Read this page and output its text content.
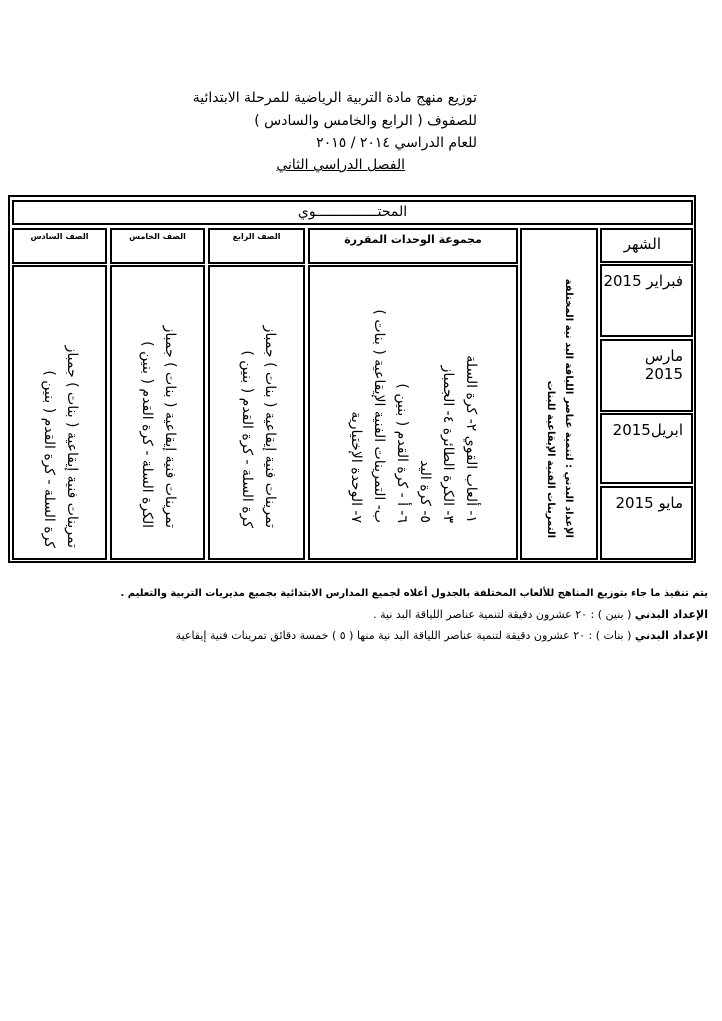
توزيع منهج مادة التربية الرياضية للمرحلة الابتدائية
للصفوف ( الرابع والخامس والسادس )
للعام الدراسي ٢٠١٤ / ٢٠١٥
الفصل الدراسي الثاني
المحتـــــــــــــــوي
الصف السادس
تمرينات فنية إيقاعية ( بنات ) جمباز
كرة السلة - كرة القدم ( بنين )
الصف الخامس
تمرينات فنية إيقاعية ( بنات ) جمباز
الكرة السلة - كرة القدم ( بنين )
الصف الرابع
تمرينات فنية إيقاعية ( بنات ) جمباز
كرة السلة - كرة القدم ( بنين )
مجموعة الوحدات المقررة
١- ألعاب القوي ٢- كرة السلة
٣- الكرة الطائرة ٤- الجمباز
٥- كرة اليد
٦- أ - كرة القدم ( بنين )
ب- التمرينات الفنية الإيقاعية ( بنات )
٧- الوحدة الإختيارية	الإعداد البدني : لتنمية عناصر اللياقة البد نية المختلفة
التمرينات الفنية الإيقاعية للبنات
الشهر
فبراير 2015
مارس 2015
ابريل2015
مايو 2015
يتم تنفيذ ما جاء بتوزيع المناهج للألعاب المختلفة بالجدول أعلاه لجميع المدارس الابتدائية بجميع مديريات التربية والتعليم .
الإعداد البدني ( بنين ) : ٢٠ عشرون دقيقة لتنمية عناصر اللياقة البد نية .
الإعداد البدني ( بنات ) : ٢٠ عشرون دقيقة لتنمية عناصر اللياقة البد نية منها ( ٥ ) خمسة دقائق تمرينات فنية إيقاعية
